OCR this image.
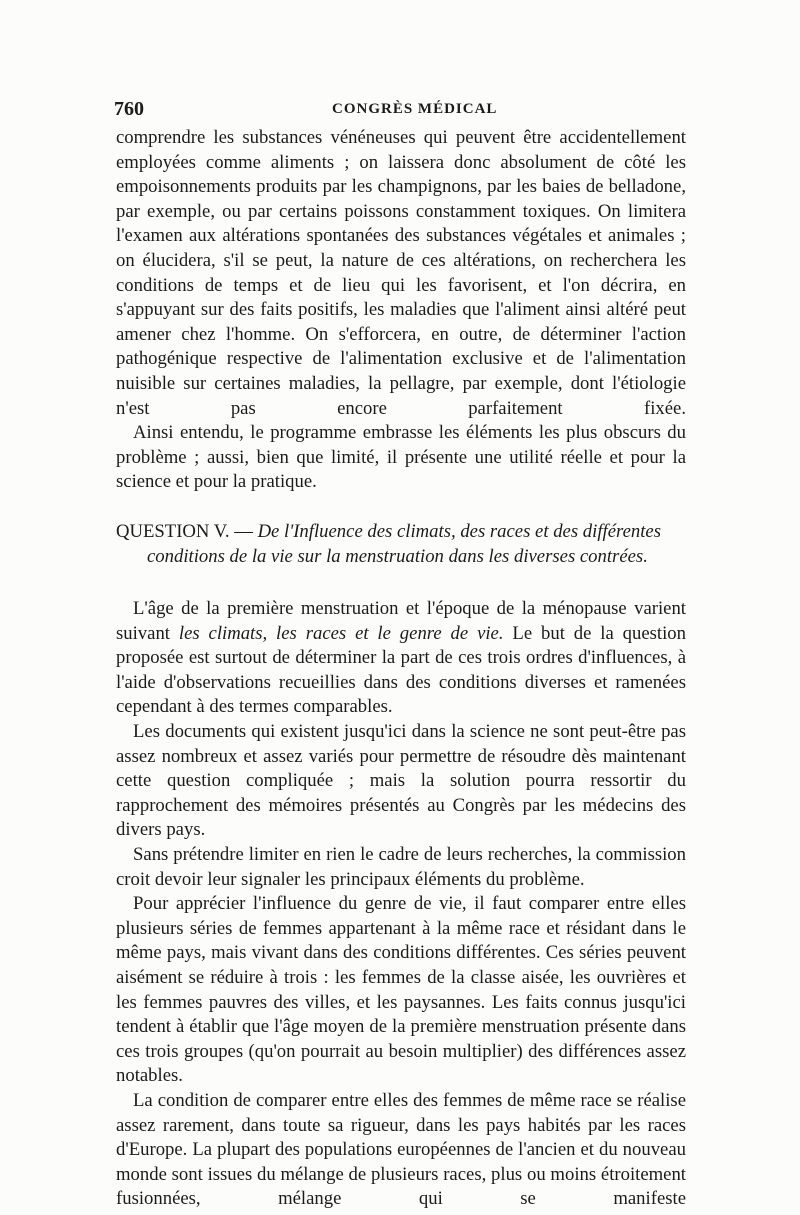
760	CONGRÈS MÉDICAL

comprendre les substances vénéneuses qui peuvent être accidentellement employées comme aliments ; on laissera donc absolument de côté les empoisonnements produits par les champignons, par les baies de belladone, par exemple, ou par certains poissons constamment toxiques. On limitera l'examen aux altérations spontanées des substances végétales et animales ; on élucidera, s'il se peut, la nature de ces altérations, on recherchera les conditions de temps et de lieu qui les favorisent, et l'on décrira, en s'appuyant sur des faits positifs, les maladies que l'aliment ainsi altéré peut amener chez l'homme. On s'efforcera, en outre, de déterminer l'action pathogénique respective de l'alimentation exclusive et de l'alimentation nuisible sur certaines maladies, la pellagre, par exemple, dont l'étiologie n'est pas encore parfaitement fixée.

Ainsi entendu, le programme embrasse les éléments les plus obscurs du problème ; aussi, bien que limité, il présente une utilité réelle et pour la science et pour la pratique.

QUESTION V. — De l'Influence des climats, des races et des différentes

conditions de la vie sur la menstruation dans les diverses contrées.

L'âge de la première menstruation et l'époque de la ménopause varient suivant les climats, les races et le genre de vie. Le but de la question proposée est surtout de déterminer la part de ces trois ordres d'influences, à l'aide d'observations recueillies dans des conditions diverses et ramenées cependant à des termes comparables.

Les documents qui existent jusqu'ici dans la science ne sont peut-être pas assez nombreux et assez variés pour permettre de résoudre dès maintenant cette question compliquée ; mais la solution pourra ressortir du rapprochement des mémoires présentés au Congrès par les médecins des divers pays.

Sans prétendre limiter en rien le cadre de leurs recherches, la commission croit devoir leur signaler les principaux éléments du problème.

Pour apprécier l'influence du genre de vie, il faut comparer entre elles plusieurs séries de femmes appartenant à la même race et résidant dans le même pays, mais vivant dans des conditions différentes. Ces séries peuvent aisément se réduire à trois : les femmes de la classe aisée, les ouvrières et les femmes pauvres des villes, et les paysannes. Les faits connus jusqu'ici tendent à établir que l'âge moyen de la première menstruation présente dans ces trois groupes (qu'on pourrait au besoin multiplier) des différences assez notables.

La condition de comparer entre elles des femmes de même race se réalise assez rarement, dans toute sa rigueur, dans les pays habités par les races d'Europe. La plupart des populations européennes de l'ancien et du nouveau monde sont issues du mélange de plusieurs races, plus ou moins étroitement fusionnées, mélange qui se manifeste
